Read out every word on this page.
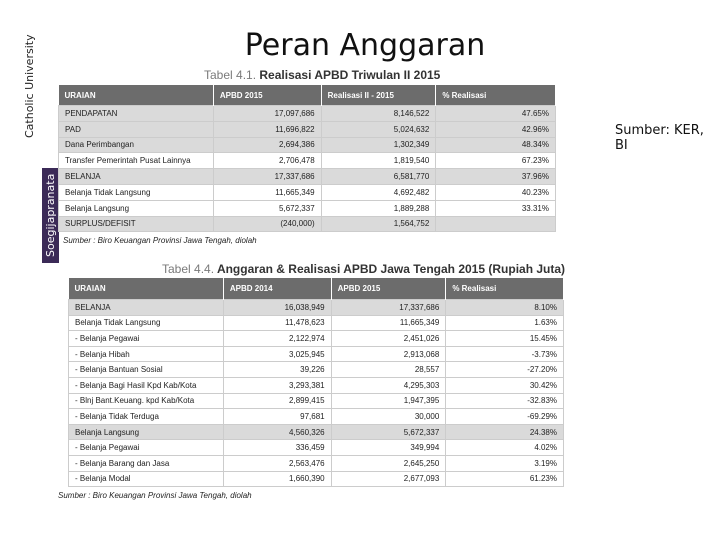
Catholic University
Soegijapranata
Peran Anggaran
Sumber: KER, BI
Tabel 4.1. Realisasi APBD Triwulan II 2015
URAIAN	APBD 2015	Realisasi II - 2015	% Realisasi
PENDAPATAN	17,097,686	8,146,522	47.65%
PAD	11,696,822	5,024,632	42.96%
Dana Perimbangan	2,694,386	1,302,349	48.34%
Transfer Pemerintah Pusat Lainnya	2,706,478	1,819,540	67.23%
BELANJA	17,337,686	6,581,770	37.96%
Belanja Tidak Langsung	11,665,349	4,692,482	40.23%
Belanja Langsung	5,672,337	1,889,288	33.31%
SURPLUS/DEFISIT	(240,000)	1,564,752	
Sumber : Biro Keuangan Provinsi Jawa Tengah, diolah
Tabel 4.4. Anggaran & Realisasi APBD Jawa Tengah 2015 (Rupiah Juta)
URAIAN	APBD 2014	APBD 2015	% Realisasi
BELANJA	16,038,949	17,337,686	8.10%
Belanja Tidak Langsung	11,478,623	11,665,349	1.63%
- Belanja Pegawai	2,122,974	2,451,026	15.45%
- Belanja Hibah	3,025,945	2,913,068	-3.73%
- Belanja Bantuan Sosial	39,226	28,557	-27.20%
- Belanja Bagi Hasil Kpd Kab/Kota	3,293,381	4,295,303	30.42%
- Blnj Bant.Keuang. kpd Kab/Kota	2,899,415	1,947,395	-32.83%
- Belanja Tidak Terduga	97,681	30,000	-69.29%
Belanja Langsung	4,560,326	5,672,337	24.38%
- Belanja Pegawai	336,459	349,994	4.02%
- Belanja Barang dan Jasa	2,563,476	2,645,250	3.19%
- Belanja Modal	1,660,390	2,677,093	61.23%
Sumber : Biro Keuangan Provinsi Jawa Tengah, diolah
